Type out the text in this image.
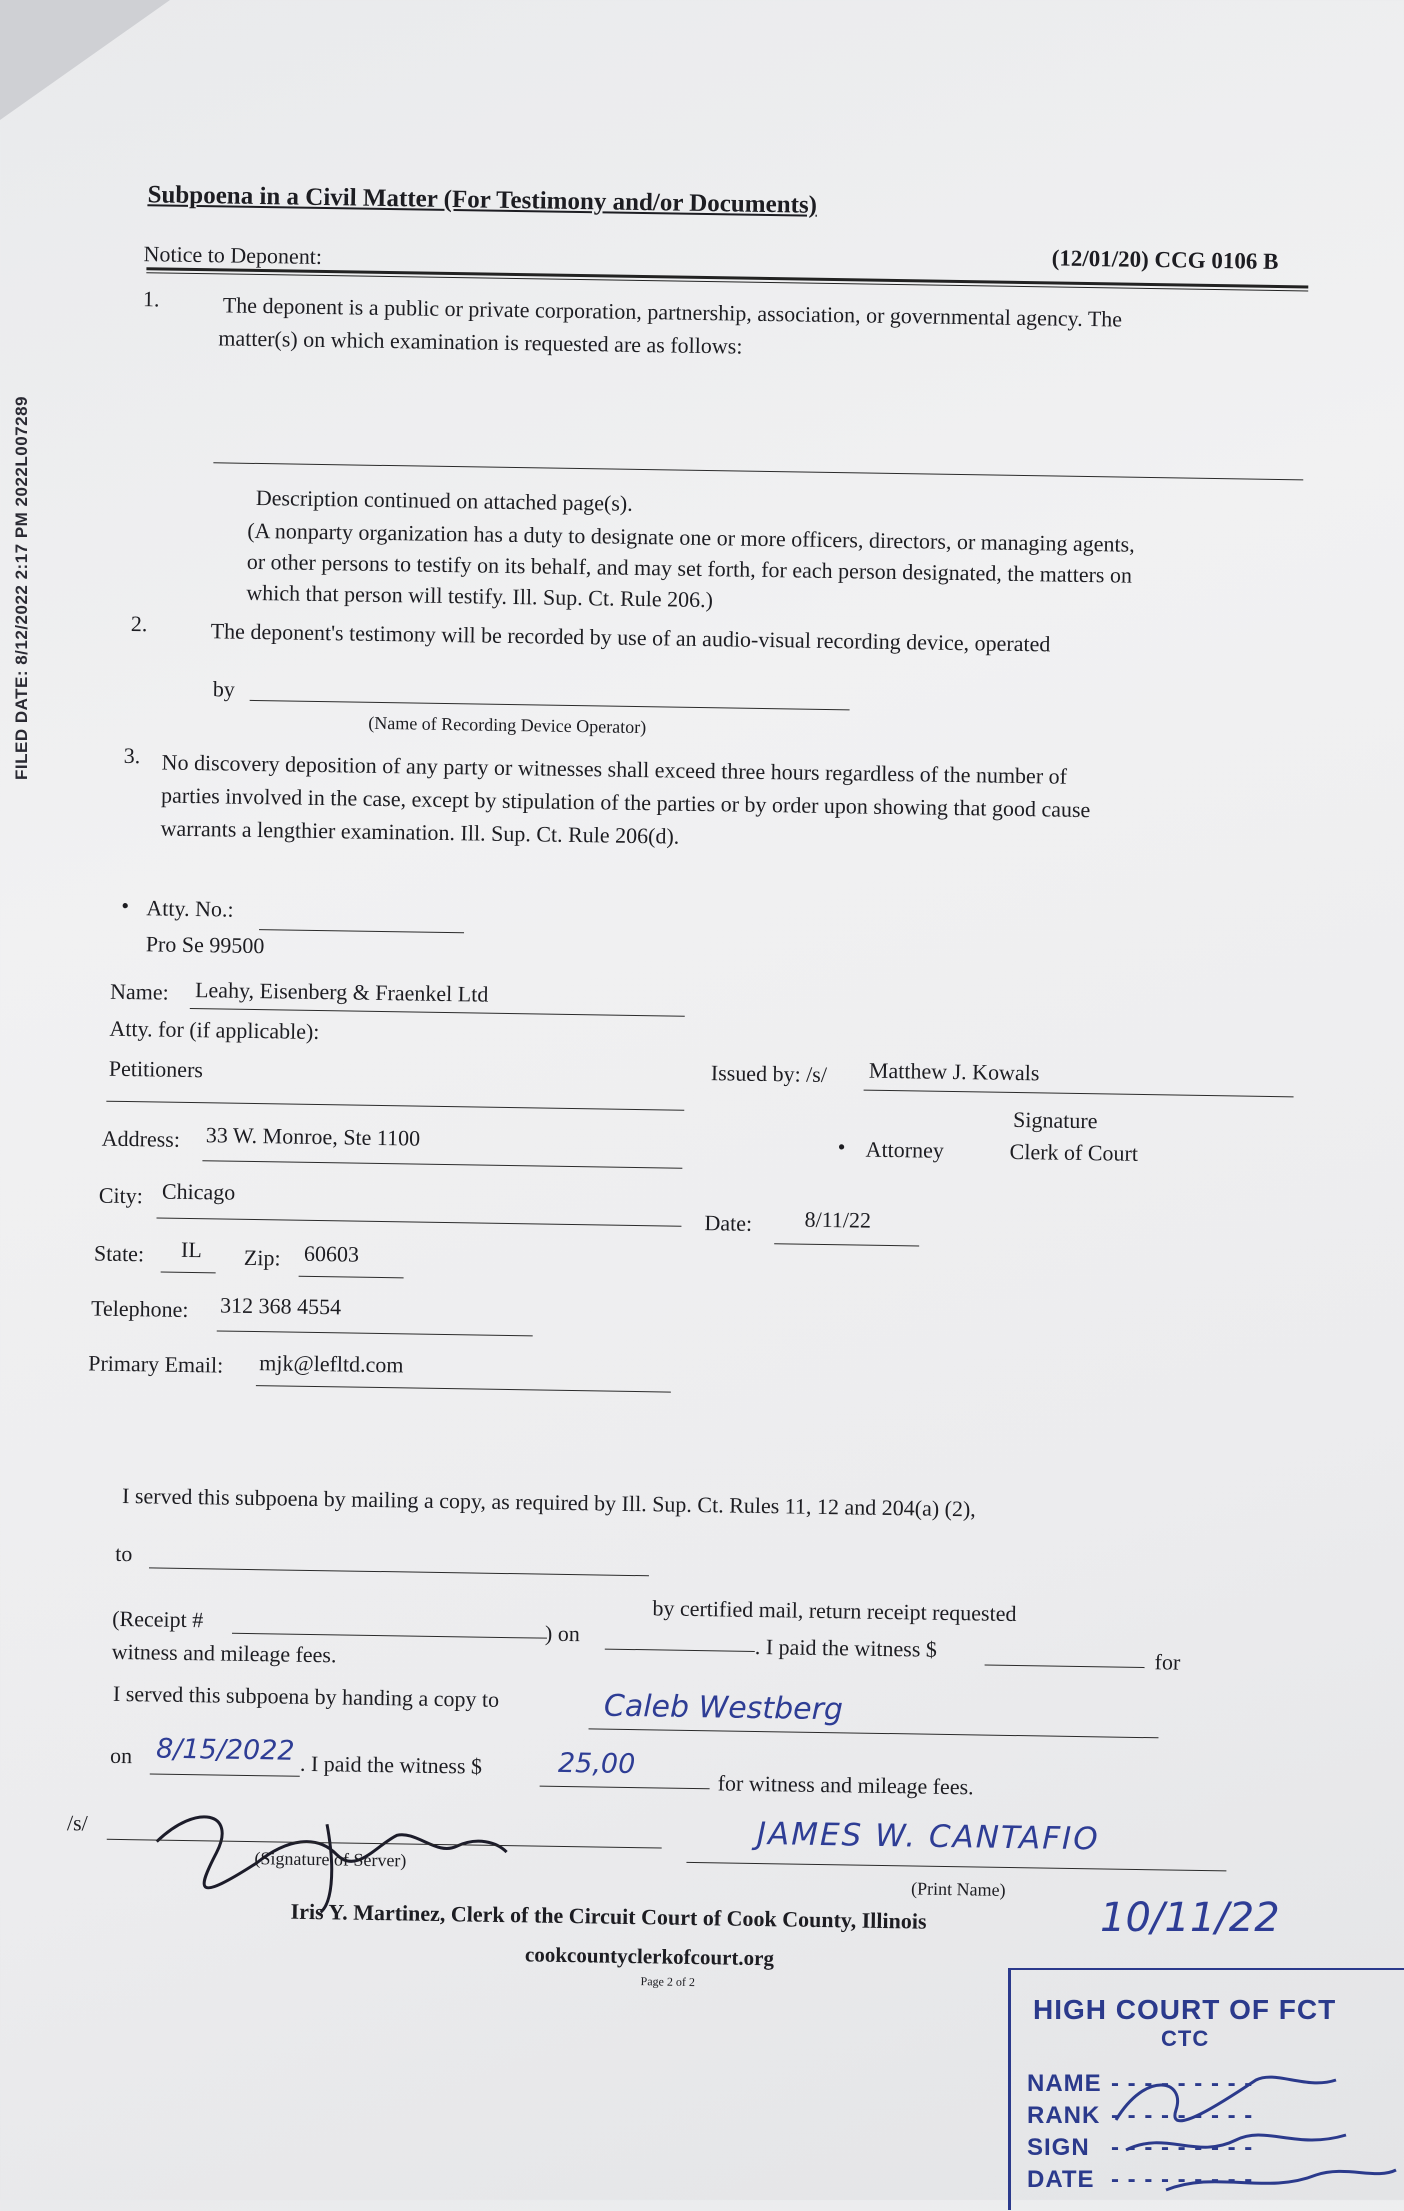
FILED DATE: 8/12/2022 2:17 PM 2022L007289
Subpoena in a Civil Matter (For Testimony and/or Documents)
(12/01/20) CCG 0106 B
Notice to Deponent:
1.	The deponent is a public or private corporation, partnership, association, or governmental agency. The
matter(s) on which examination is requested are as follows:
Description continued on attached page(s).
(A nonparty organization has a duty to designate one or more officers, directors, or managing agents,
or other persons to testify on its behalf, and may set forth, for each person designated, the matters on
which that person will testify. Ill. Sup. Ct. Rule 206.)
2.	The deponent's testimony will be recorded by use of an audio-visual recording device, operated
by
(Name of Recording Device Operator)
3. No discovery deposition of any party or witnesses shall exceed three hours regardless of the number of
parties involved in the case, except by stipulation of the parties or by order upon showing that good cause
warrants a lengthier examination. Ill. Sup. Ct. Rule 206(d).
• Atty. No.:
Pro Se 99500
Name: Leahy, Eisenberg & Fraenkel Ltd
Atty. for (if applicable):
Petitioners
Address: 33 W. Monroe, Ste 1100
City: Chicago
State: IL Zip: 60603
Telephone: 312 368 4554
Primary Email: mjk@lefltd.com
Issued by: /s/ Matthew J. Kowals
Signature
• Attorney	Clerk of Court
Date: 8/11/22
I served this subpoena by mailing a copy, as required by Ill. Sup. Ct. Rules 11, 12 and 204(a) (2),
to
by certified mail, return receipt requested
(Receipt #
) on
. I paid the witness $
for
witness and mileage fees.
I served this subpoena by handing a copy to	Caleb Westberg
on 8/15/2022 . I paid the witness $	25,00
for witness and mileage fees.
/s/
(Signature of Server)
JAMES W. CANTAFIO
(Print Name)
Iris Y. Martinez, Clerk of the Circuit Court of Cook County, Illinois
cookcountyclerkofcourt.org
Page 2 of 2
10/11/22
HIGH COURT OF FCT
CTC
NAME - - - - - - - - -
RANK - - - - - - - - -
SIGN - - - - - - - - -
DATE - - - - - - - - -
